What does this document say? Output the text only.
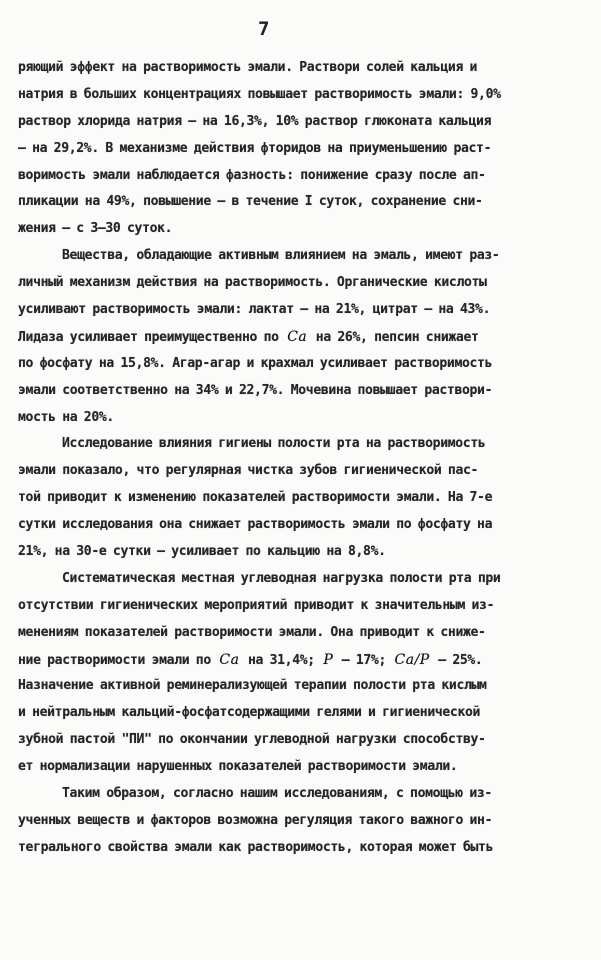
7
ряющий эффект на растворимость эмали. Раствори солей кальция и
натрия в больших концентрациях повышает растворимость эмали: 9,0%
раствор хлорида натрия – на 16,3%, 10% раствор глюконата кальция
– на 29,2%. В механизме действия фторидов на приуменьшению раст-
воримость эмали наблюдается фазность: понижение сразу после ап-
пликации на 49%, повышение – в течение I суток, сохранение сни-
жения – с 3–30 суток.
Вещества, обладающие активным влиянием на эмаль, имеют раз-
личный механизм действия на растворимость. Органические кислоты
усиливают растворимость эмали: лактат – на 21%, цитрат – на 43%.
Лидаза усиливает преимущественно по Ca на 26%, пепсин снижает
по фосфату на 15,8%. Агар-агар и крахмал усиливает растворимость
эмали соответственно на 34% и 22,7%. Мочевина повышает раствори-
мость на 20%.
Исследование влияния гигиены полости рта на растворимость
эмали показало, что регулярная чистка зубов гигиенической пас-
той приводит к изменению показателей растворимости эмали. На 7-е
сутки исследования она снижает растворимость эмали по фосфату на
21%, на 30-е сутки – усиливает по кальцию на 8,8%.
Систематическая местная углеводная нагрузка полости рта при
отсутствии гигиенических мероприятий приводит к значительным из-
менениям показателей растворимости эмали. Она приводит к сниже-
ние растворимости эмали по Ca на 31,4%; P – 17%; Ca/P – 25%.
Назначение активной реминерализующей терапии полости рта кислым
и нейтральным кальций-фосфатсодержащими гелями и гигиенической
зубной пастой "ПИ" по окончании углеводной нагрузки способству-
ет нормализации нарушенных показателей растворимости эмали.
Таким образом, согласно нашим исследованиям, с помощью из-
ученных веществ и факторов возможна регуляция такого важного ин-
тегрального свойства эмали как растворимость, которая может быть
